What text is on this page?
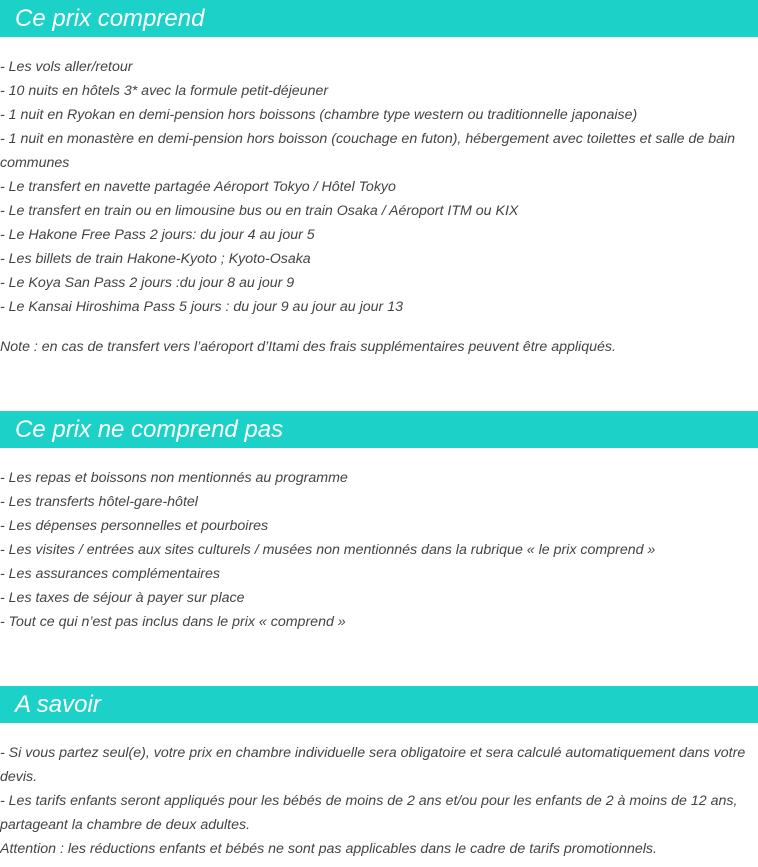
Ce prix comprend

- Les vols aller/retour

- 10 nuits en hôtels 3* avec la formule petit-déjeuner

- 1 nuit en Ryokan en demi-pension hors boissons (chambre type western ou traditionnelle japonaise)

- 1 nuit en monastère en demi-pension hors boisson (couchage en futon), hébergement avec toilettes et salle de bain communes

- Le transfert en navette partagée Aéroport Tokyo / Hôtel Tokyo

- Le transfert en train ou en limousine bus ou en train Osaka / Aéroport ITM ou KIX

- Le Hakone Free Pass 2 jours: du jour 4 au jour 5

- Les billets de train Hakone-Kyoto ; Kyoto-Osaka

- Le Koya San Pass 2 jours :du jour 8 au jour 9

- Le Kansai Hiroshima Pass 5 jours : du jour 9 au jour au jour 13

Note : en cas de transfert vers l’aéroport d’Itami des frais supplémentaires peuvent être appliqués.

Ce prix ne comprend pas

- Les repas et boissons non mentionnés au programme

- Les transferts hôtel-gare-hôtel

- Les dépenses personnelles et pourboires

- Les visites / entrées aux sites culturels / musées non mentionnés dans la rubrique « le prix comprend »

- Les assurances complémentaires

- Les taxes de séjour à payer sur place

- Tout ce qui n’est pas inclus dans le prix « comprend »

A savoir

- Si vous partez seul(e), votre prix en chambre individuelle sera obligatoire et sera calculé automatiquement dans votre devis.

- Les tarifs enfants seront appliqués pour les bébés de moins de 2 ans et/ou pour les enfants de 2 à moins de 12 ans, partageant la chambre de deux adultes.

Attention : les réductions enfants et bébés ne sont pas applicables dans le cadre de tarifs promotionnels.
